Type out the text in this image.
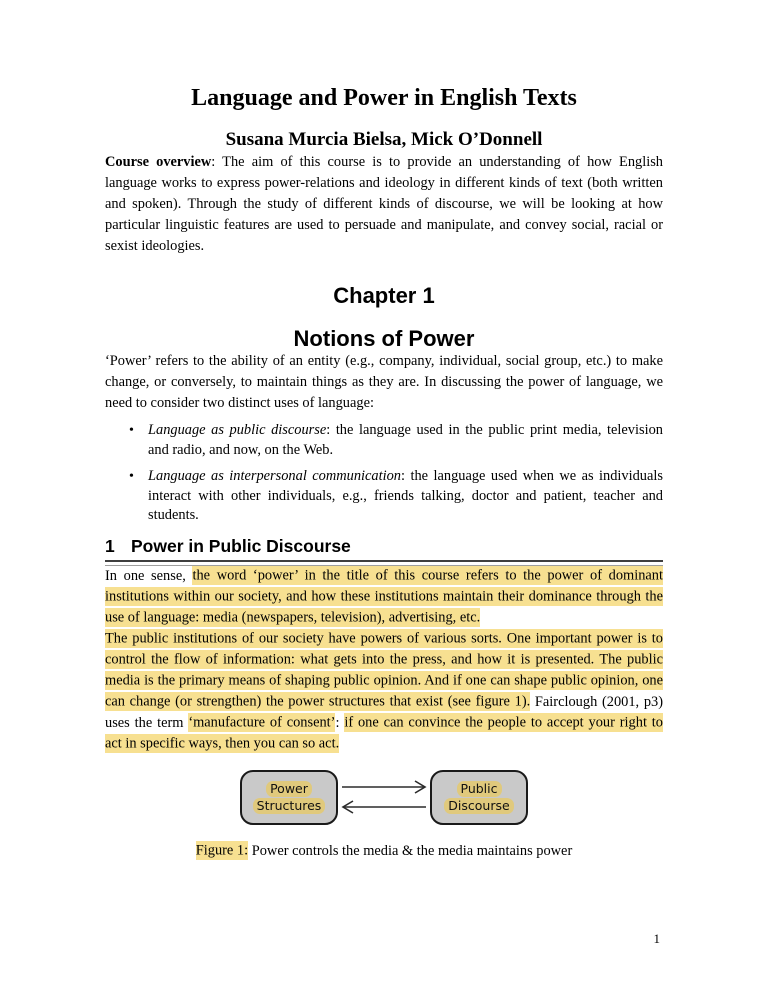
Language and Power in English Texts
Susana Murcia Bielsa, Mick O’Donnell

Course overview: The aim of this course is to provide an understanding of how English language works to express power-relations and ideology in different kinds of text (both written and spoken). Through the study of different kinds of discourse, we will be looking at how particular linguistic features are used to persuade and manipulate, and convey social, racial or sexist ideologies.

Chapter 1
Notions of Power

‘Power’ refers to the ability of an entity (e.g., company, individual, social group, etc.) to make change, or conversely, to maintain things as they are. In discussing the power of language, we need to consider two distinct uses of language:

• Language as public discourse: the language used in the public print media, television and radio, and now, on the Web.
• Language as interpersonal communication: the language used when we as individuals interact with other individuals, e.g., friends talking, doctor and patient, teacher and students.
1 Power in Public Discourse

In one sense, the word ‘power’ in the title of this course refers to the power of dominant institutions within our society, and how these institutions maintain their dominance through the use of language: media (newspapers, television), advertising, etc.

The public institutions of our society have powers of various sorts. One important power is to control the flow of information: what gets into the press, and how it is presented. The public media is the primary means of shaping public opinion. And if one can shape public opinion, one can change (or strengthen) the power structures that exist (see figure 1). Fairclough (2001, p3) uses the term ‘manufacture of consent’: if one can convince the people to accept your right to act in specific ways, then you can so act.

Power
Structures
Public
Discourse

Figure 1: Power controls the media & the media maintains power

1
